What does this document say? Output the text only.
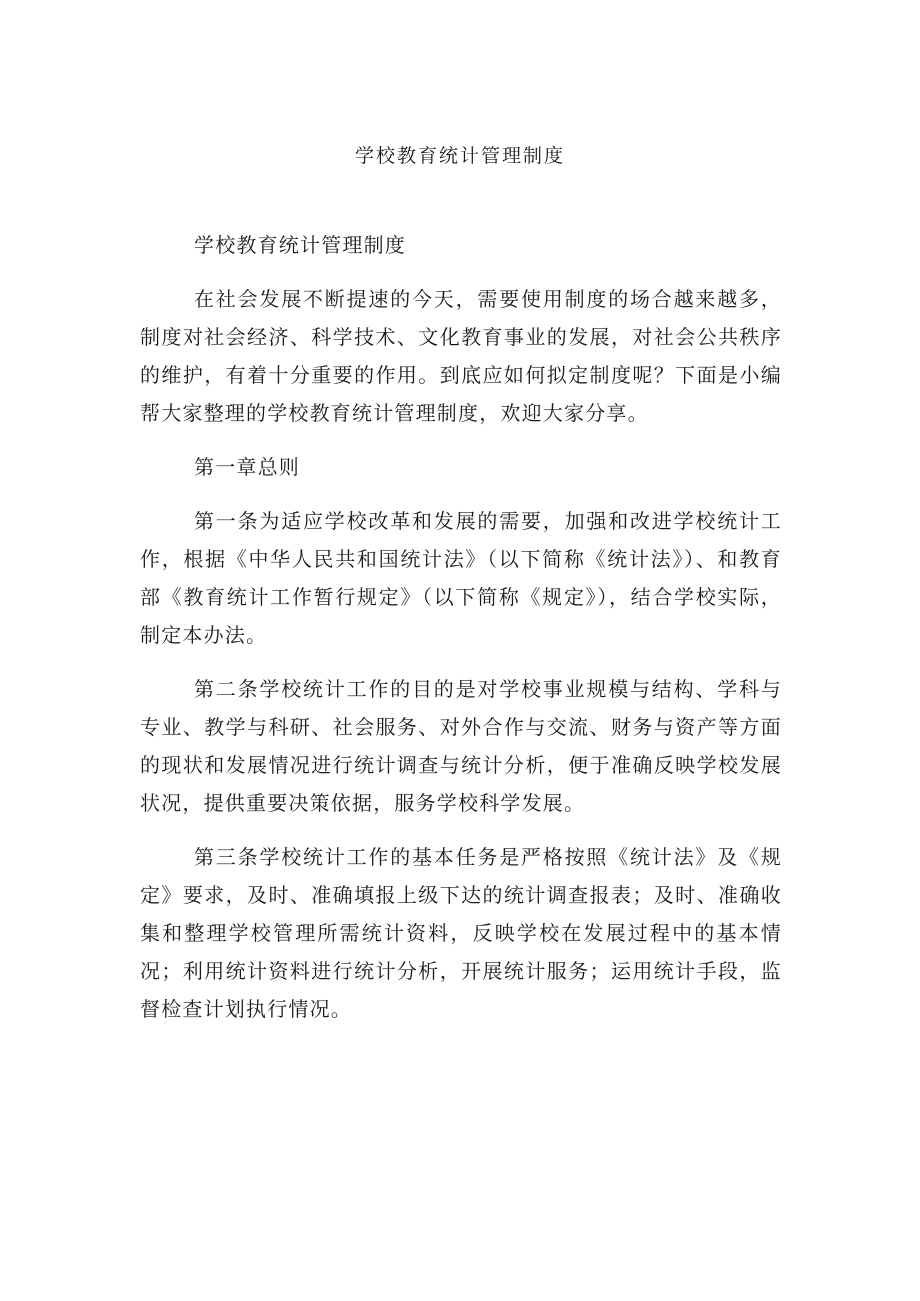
学校教育统计管理制度

学校教育统计管理制度

在社会发展不断提速的今天，需要使用制度的场合越来越多，制度对社会经济、科学技术、文化教育事业的发展，对社会公共秩序的维护，有着十分重要的作用。到底应如何拟定制度呢？下面是小编帮大家整理的学校教育统计管理制度，欢迎大家分享。

第一章总则

第一条为适应学校改革和发展的需要，加强和改进学校统计工作，根据《中华人民共和国统计法》（以下简称《统计法》）、和教育部《教育统计工作暂行规定》（以下简称《规定》），结合学校实际，制定本办法。

第二条学校统计工作的目的是对学校事业规模与结构、学科与专业、教学与科研、社会服务、对外合作与交流、财务与资产等方面的现状和发展情况进行统计调查与统计分析，便于准确反映学校发展状况，提供重要决策依据，服务学校科学发展。

第三条学校统计工作的基本任务是严格按照《统计法》及《规定》要求，及时、准确填报上级下达的统计调查报表；及时、准确收集和整理学校管理所需统计资料，反映学校在发展过程中的基本情况；利用统计资料进行统计分析，开展统计服务；运用统计手段，监督检查计划执行情况。
